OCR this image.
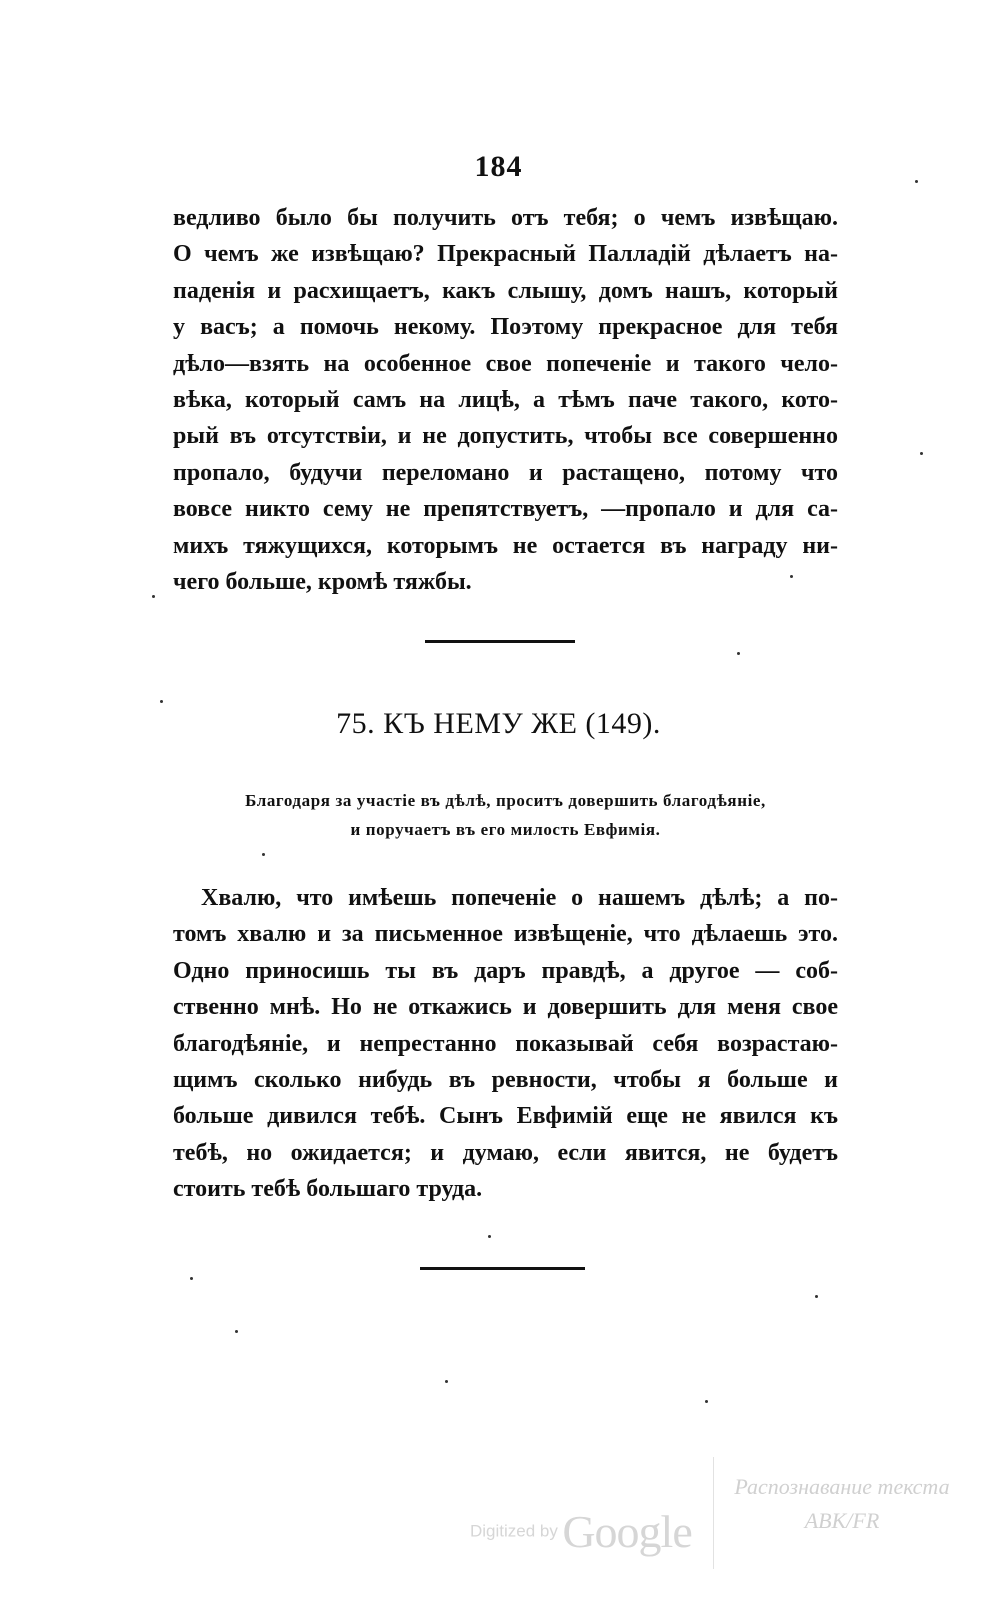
184
ведливо было бы получить отъ тебя; о чемъ извѣщаю.
О чемъ же извѣщаю? Прекрасный Палладій дѣлаетъ на-
паденія и расхищаетъ, какъ слышу, домъ нашъ, который
у васъ; а помочь некому. Поэтому прекрасное для тебя
дѣло—взять на особенное свое попеченіе и такого чело-
вѣка, который самъ на лицѣ, а тѣмъ паче такого, кото-
рый въ отсутствіи, и не допустить, чтобы все совершенно
пропало, будучи переломано и растащено, потому что
вовсе никто сему не препятствуетъ, —пропало и для са-
михъ тяжущихся, которымъ не остается въ награду ни-
чего больше, кромѣ тяжбы.
75. КЪ НЕМУ ЖЕ (149).
Благодаря за участіе въ дѣлѣ, проситъ довершить благодѣяніе,
и поручаетъ въ его милость Евфимія.
Хвалю, что имѣешь попеченіе о нашемъ дѣлѣ; а по-
томъ хвалю и за письменное извѣщеніе, что дѣлаешь это.
Одно приносишь ты въ даръ правдѣ, а другое — соб-
ственно мнѣ. Но не откажись и довершить для меня свое
благодѣяніе, и непрестанно показывай себя возрастаю-
щимъ сколько нибудь въ ревности, чтобы я больше и
больше дивился тебѣ. Сынъ Евфимій еще не явился къ
тебѣ, но ожидается; и думаю, если явится, не будетъ
стоить тебѣ большаго труда.
Digitized by Google
Распознавание текста
ABK/FR
